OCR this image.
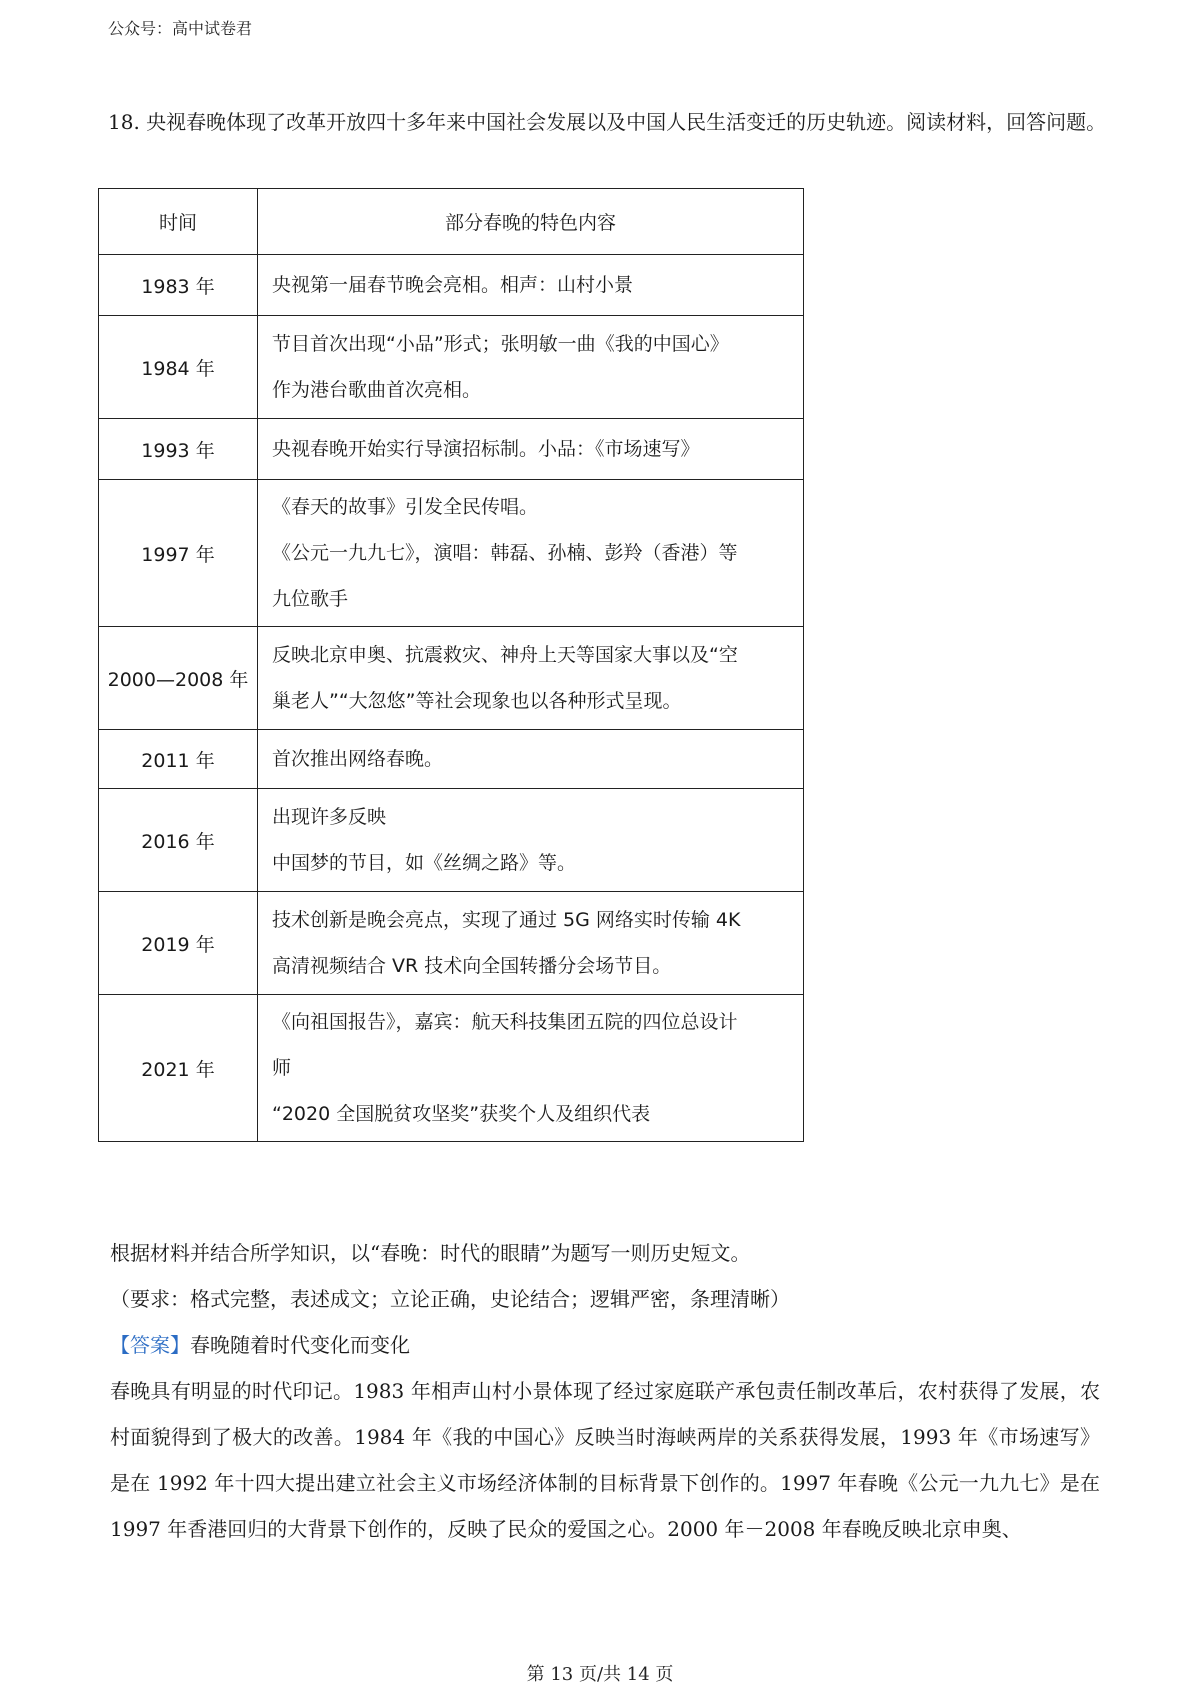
公众号：高中试卷君
18. 央视春晚体现了改革开放四十多年来中国社会发展以及中国人民生活变迁的历史轨迹。阅读材料，回答问题。
时间	部分春晚的特色内容
1983 年	央视第一届春节晚会亮相。相声：山村小景

1984 年	节目首次出现“小品”形式；张明敏一曲《我的中国心》
作为港台歌曲首次亮相。

1993 年	央视春晚开始实行导演招标制。小品：《市场速写》

1997 年	《春天的故事》引发全民传唱。
《公元一九九七》，演唱：韩磊、孙楠、彭羚（香港）等
九位歌手

2000—2008 年	反映北京申奥、抗震救灾、神舟上天等国家大事以及“空
巢老人”“大忽悠”等社会现象也以各种形式呈现。

2011 年	首次推出网络春晚。

2016 年	出现许多反映
中国梦的节目，如《丝绸之路》等。

2019 年	技术创新是晚会亮点，实现了通过 5G 网络实时传输 4K
高清视频结合 VR 技术向全国转播分会场节目。

2021 年	《向祖国报告》，嘉宾：航天科技集团五院的四位总设计
师
“2020 全国脱贫攻坚奖”获奖个人及组织代表
根据材料并结合所学知识，以“春晚：时代的眼睛”为题写一则历史短文。
（要求：格式完整，表述成文；立论正确，史论结合；逻辑严密，条理清晰）
【答案】春晚随着时代变化而变化
春晚具有明显的时代印记。1983 年相声山村小景体现了经过家庭联产承包责任制改革后，农村获得了发展，农村面貌得到了极大的改善。1984 年《我的中国心》反映当时海峡两岸的关系获得发展，1993 年《市场速写》是在 1992 年十四大提出建立社会主义市场经济体制的目标背景下创作的。1997 年春晚《公元一九九七》是在 1997 年香港回归的大背景下创作的，反映了民众的爱国之心。2000 年－2008 年春晚反映北京申奥、
第 13 页/共 14 页
